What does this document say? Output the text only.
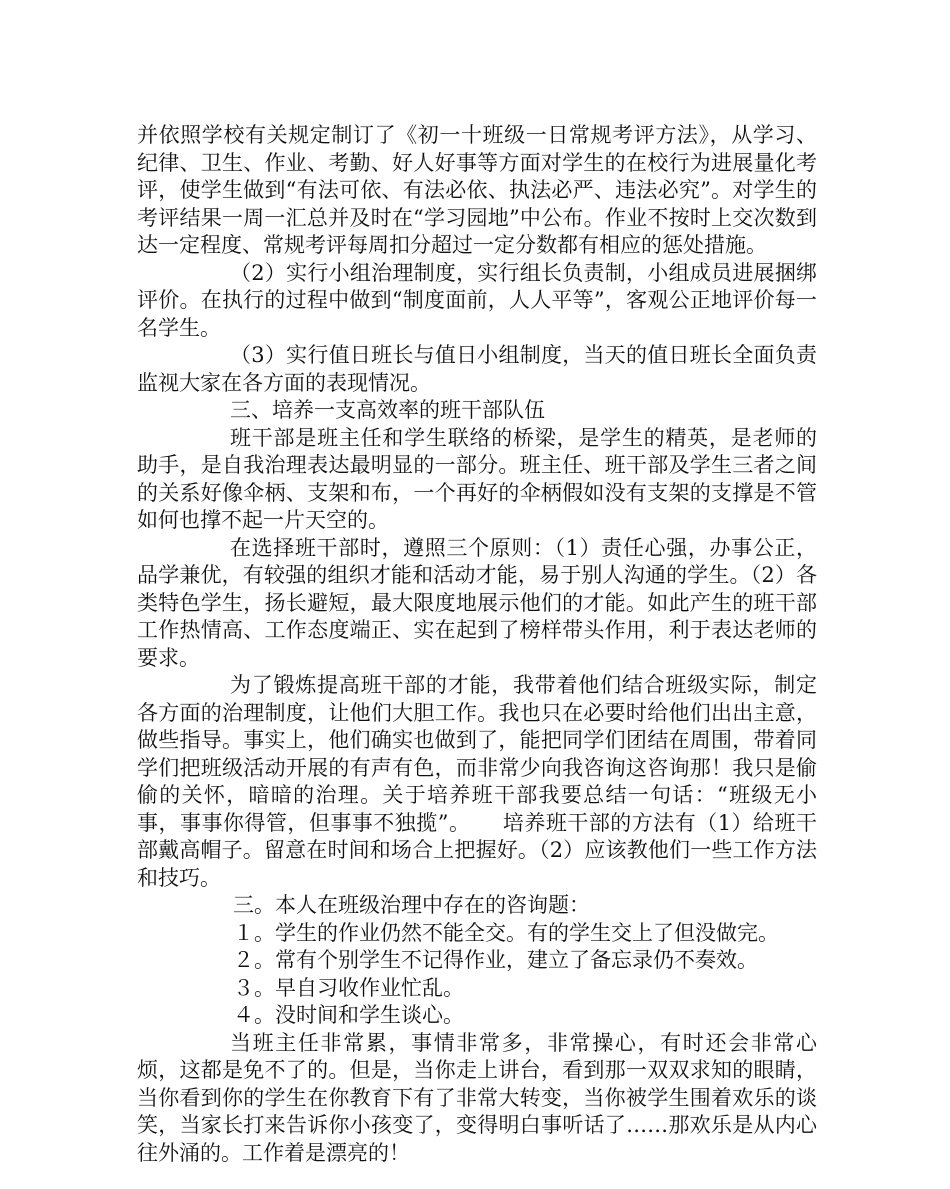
并依照学校有关规定制订了《初一十班级一日常规考评方法》，从学习、纪律、卫生、作业、考勤、好人好事等方面对学生的在校行为进展量化考评，使学生做到“有法可依、有法必依、执法必严、违法必究”。对学生的考评结果一周一汇总并及时在“学习园地”中公布。作业不按时上交次数到达一定程度、常规考评每周扣分超过一定分数都有相应的惩处措施。

（2）实行小组治理制度，实行组长负责制，小组成员进展捆绑评价。在执行的过程中做到“制度面前，人人平等”，客观公正地评价每一名学生。

（3）实行值日班长与值日小组制度，当天的值日班长全面负责监视大家在各方面的表现情况。

三、培养一支高效率的班干部队伍

班干部是班主任和学生联络的桥梁，是学生的精英，是老师的助手，是自我治理表达最明显的一部分。班主任、班干部及学生三者之间的关系好像伞柄、支架和布，一个再好的伞柄假如没有支架的支撑是不管如何也撑不起一片天空的。

在选择班干部时，遵照三个原则：（1）责任心强，办事公正，品学兼优，有较强的组织才能和活动才能，易于别人沟通的学生。（2）各类特色学生，扬长避短，最大限度地展示他们的才能。如此产生的班干部工作热情高、工作态度端正、实在起到了榜样带头作用，利于表达老师的要求。

为了锻炼提高班干部的才能，我带着他们结合班级实际，制定各方面的治理制度，让他们大胆工作。我也只在必要时给他们出出主意，做些指导。事实上，他们确实也做到了，能把同学们团结在周围，带着同学们把班级活动开展的有声有色，而非常少向我咨询这咨询那！我只是偷偷的关怀，暗暗的治理。关于培养班干部我要总结一句话：“班级无小事，事事你得管，但事事不独揽”。　　培养班干部的方法有（1）给班干部戴高帽子。留意在时间和场合上把握好。（2）应该教他们一些工作方法和技巧。

三。本人在班级治理中存在的咨询题：

１。学生的作业仍然不能全交。有的学生交上了但没做完。

２。常有个别学生不记得作业，建立了备忘录仍不奏效。

３。早自习收作业忙乱。

４。没时间和学生谈心。

当班主任非常累，事情非常多，非常操心，有时还会非常心烦，这都是免不了的。但是，当你走上讲台，看到那一双双求知的眼睛，当你看到你的学生在你教育下有了非常大转变，当你被学生围着欢乐的谈笑，当家长打来告诉你小孩变了，变得明白事听话了……那欢乐是从内心往外涌的。工作着是漂亮的！
